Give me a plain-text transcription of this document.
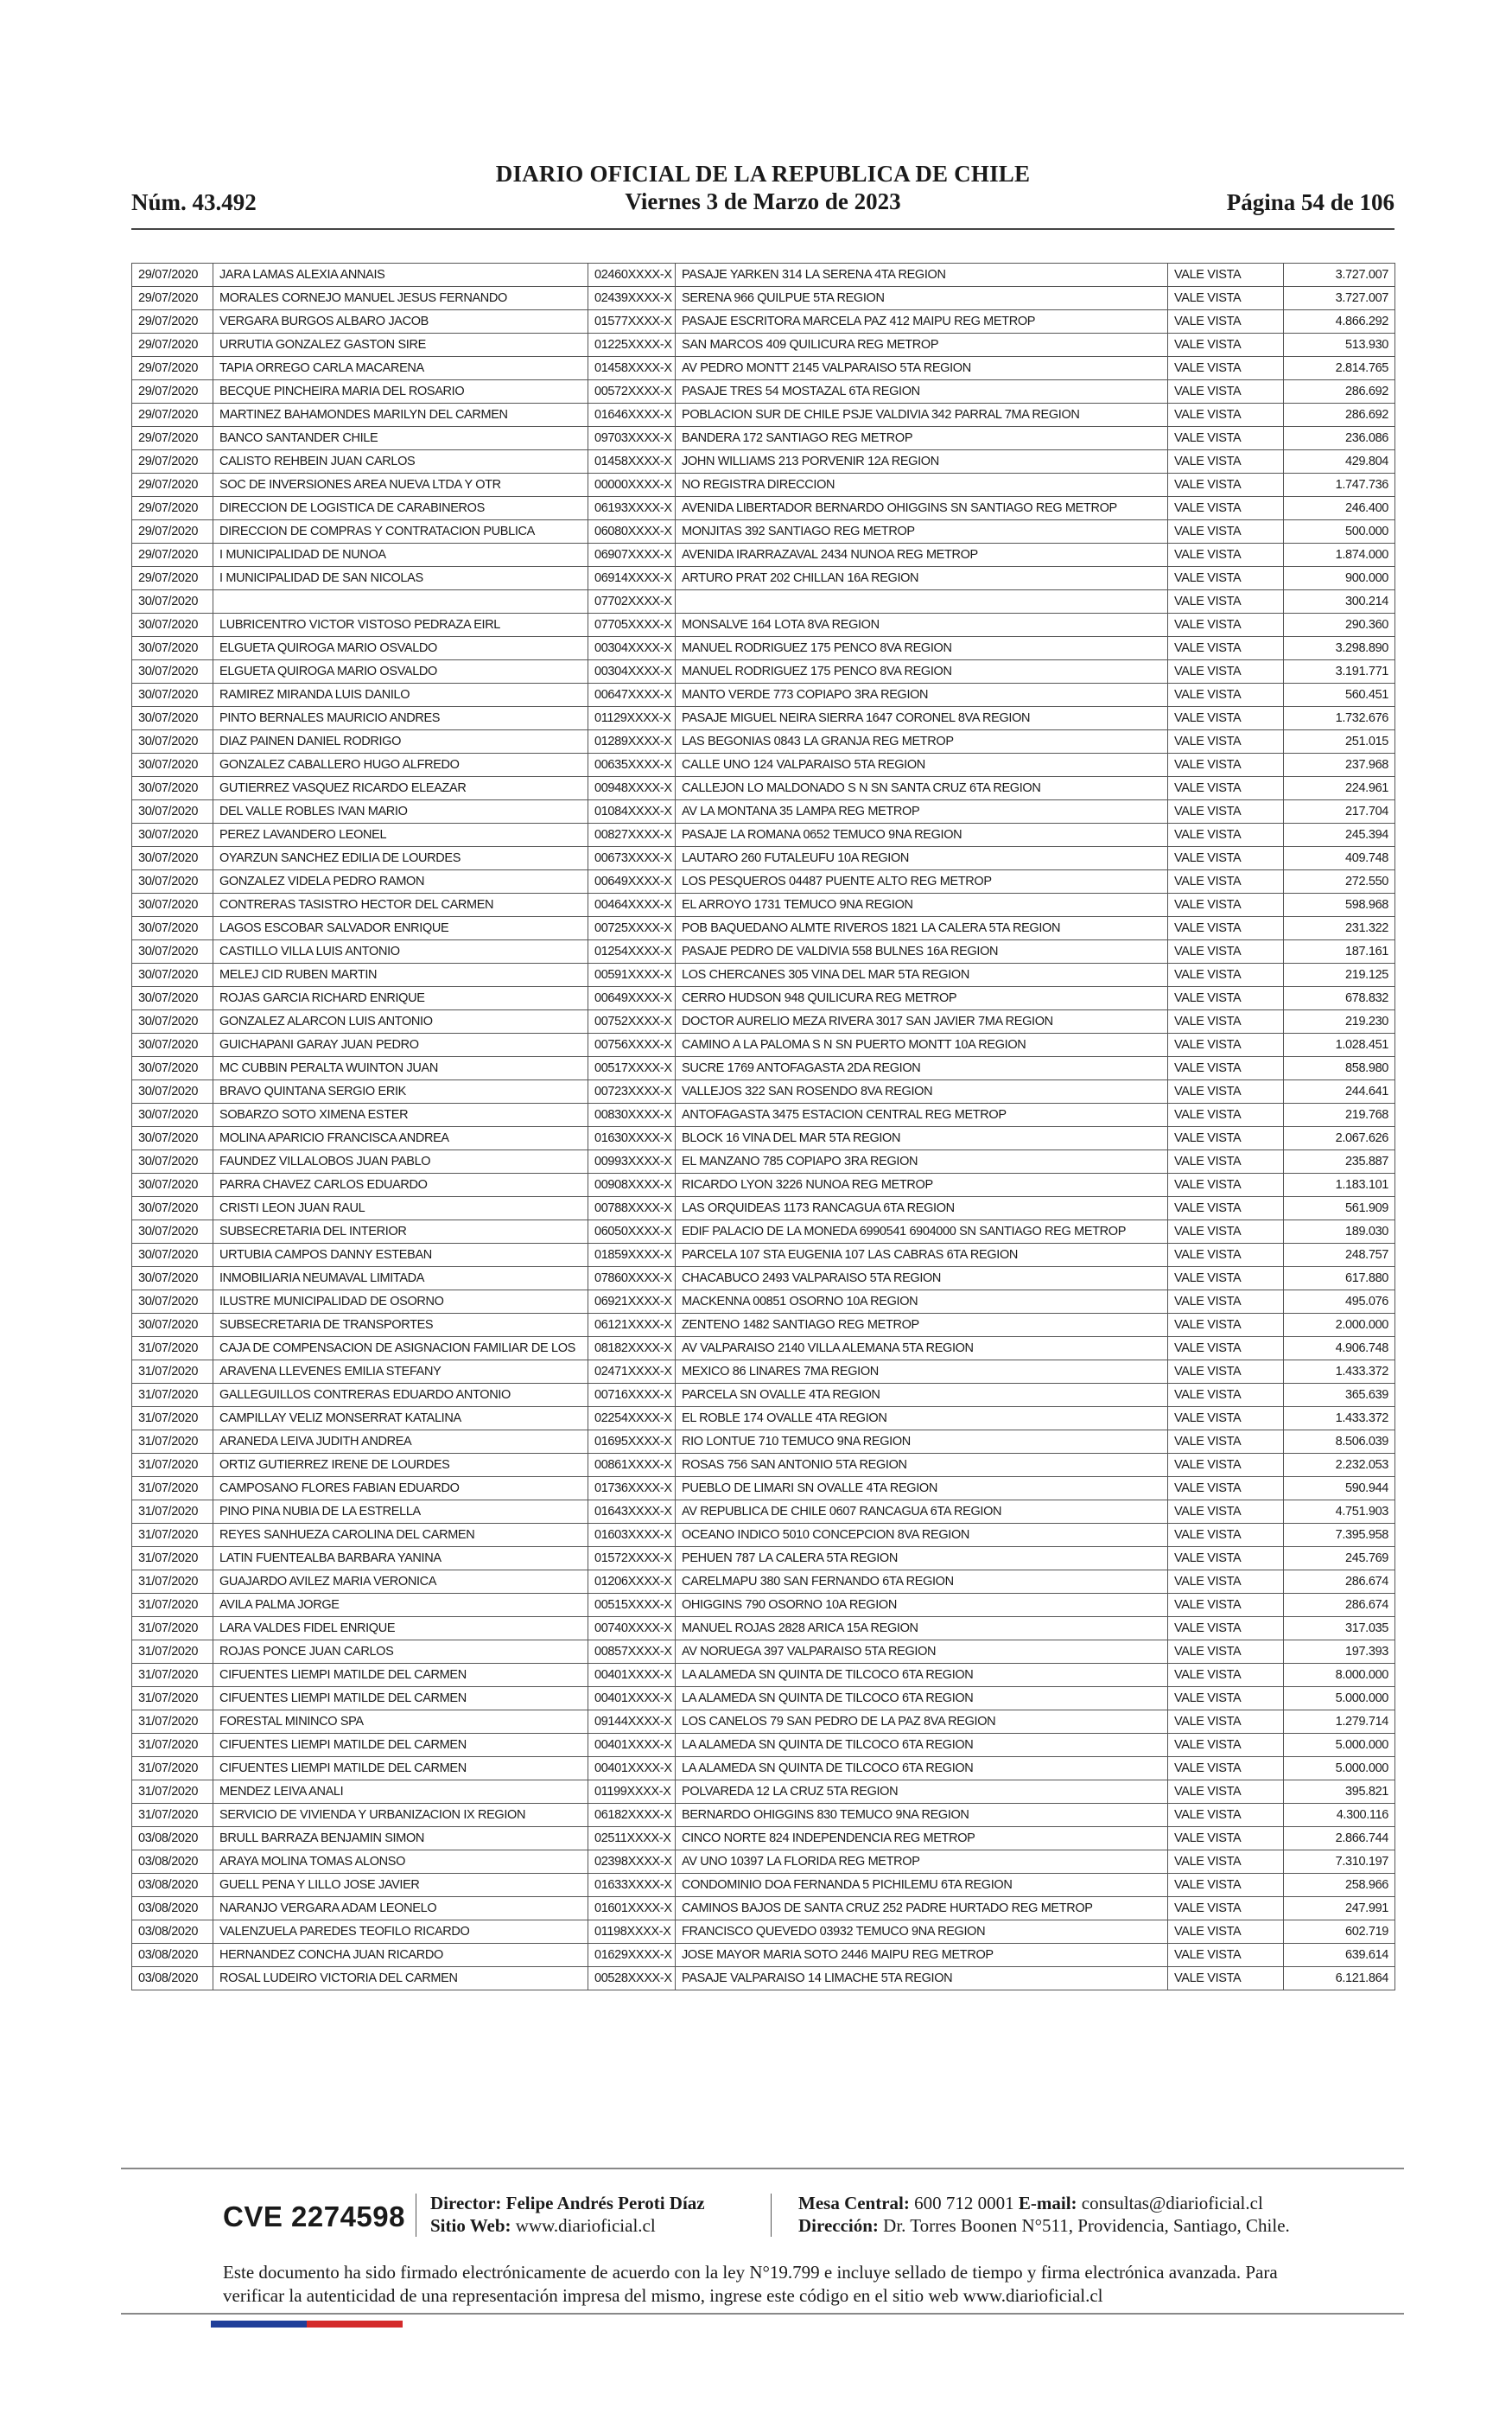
Núm. 43.492
DIARIO OFICIAL DE LA REPUBLICA DE CHILE
Viernes 3 de Marzo de 2023	Página 54 de 106
29/07/2020	JARA LAMAS ALEXIA ANNAIS	02460XXXX-X	PASAJE YARKEN 314 LA SERENA 4TA REGION	VALE VISTA	3.727.007
29/07/2020	MORALES CORNEJO MANUEL JESUS FERNANDO	02439XXXX-X	SERENA 966 QUILPUE 5TA REGION	VALE VISTA	3.727.007
29/07/2020	VERGARA BURGOS ALBARO JACOB	01577XXXX-X	PASAJE ESCRITORA MARCELA PAZ 412 MAIPU REG METROP	VALE VISTA	4.866.292
29/07/2020	URRUTIA GONZALEZ GASTON SIRE	01225XXXX-X	SAN MARCOS 409 QUILICURA REG METROP	VALE VISTA	513.930
29/07/2020	TAPIA ORREGO CARLA MACARENA	01458XXXX-X	AV PEDRO MONTT 2145 VALPARAISO 5TA REGION	VALE VISTA	2.814.765
29/07/2020	BECQUE PINCHEIRA MARIA DEL ROSARIO	00572XXXX-X	PASAJE TRES 54 MOSTAZAL 6TA REGION	VALE VISTA	286.692
29/07/2020	MARTINEZ BAHAMONDES MARILYN DEL CARMEN	01646XXXX-X	POBLACION SUR DE CHILE PSJE VALDIVIA 342 PARRAL 7MA REGION	VALE VISTA	286.692
29/07/2020	BANCO SANTANDER CHILE	09703XXXX-X	BANDERA 172 SANTIAGO REG METROP	VALE VISTA	236.086
29/07/2020	CALISTO REHBEIN JUAN CARLOS	01458XXXX-X	JOHN WILLIAMS 213 PORVENIR 12A REGION	VALE VISTA	429.804
29/07/2020	SOC DE INVERSIONES AREA NUEVA LTDA Y OTR	00000XXXX-X	NO REGISTRA DIRECCION	VALE VISTA	1.747.736
29/07/2020	DIRECCION DE LOGISTICA DE CARABINEROS	06193XXXX-X	AVENIDA LIBERTADOR BERNARDO OHIGGINS SN SANTIAGO REG METROP	VALE VISTA	246.400
29/07/2020	DIRECCION DE COMPRAS Y CONTRATACION PUBLICA	06080XXXX-X	MONJITAS 392 SANTIAGO REG METROP	VALE VISTA	500.000
29/07/2020	I MUNICIPALIDAD DE NUNOA	06907XXXX-X	AVENIDA IRARRAZAVAL 2434 NUNOA REG METROP	VALE VISTA	1.874.000
29/07/2020	I MUNICIPALIDAD DE SAN NICOLAS	06914XXXX-X	ARTURO PRAT 202 CHILLAN 16A REGION	VALE VISTA	900.000
30/07/2020		07702XXXX-X		VALE VISTA	300.214
30/07/2020	LUBRICENTRO VICTOR VISTOSO PEDRAZA EIRL	07705XXXX-X	MONSALVE 164 LOTA 8VA REGION	VALE VISTA	290.360
30/07/2020	ELGUETA QUIROGA MARIO OSVALDO	00304XXXX-X	MANUEL RODRIGUEZ 175 PENCO 8VA REGION	VALE VISTA	3.298.890
30/07/2020	ELGUETA QUIROGA MARIO OSVALDO	00304XXXX-X	MANUEL RODRIGUEZ 175 PENCO 8VA REGION	VALE VISTA	3.191.771
30/07/2020	RAMIREZ MIRANDA LUIS DANILO	00647XXXX-X	MANTO VERDE 773 COPIAPO 3RA REGION	VALE VISTA	560.451
30/07/2020	PINTO BERNALES MAURICIO ANDRES	01129XXXX-X	PASAJE MIGUEL NEIRA SIERRA 1647 CORONEL 8VA REGION	VALE VISTA	1.732.676
30/07/2020	DIAZ PAINEN DANIEL RODRIGO	01289XXXX-X	LAS BEGONIAS 0843 LA GRANJA REG METROP	VALE VISTA	251.015
30/07/2020	GONZALEZ CABALLERO HUGO ALFREDO	00635XXXX-X	CALLE UNO 124 VALPARAISO 5TA REGION	VALE VISTA	237.968
30/07/2020	GUTIERREZ VASQUEZ RICARDO ELEAZAR	00948XXXX-X	CALLEJON LO MALDONADO S N SN SANTA CRUZ 6TA REGION	VALE VISTA	224.961
30/07/2020	DEL VALLE ROBLES IVAN MARIO	01084XXXX-X	AV LA MONTANA 35 LAMPA REG METROP	VALE VISTA	217.704
30/07/2020	PEREZ LAVANDERO LEONEL	00827XXXX-X	PASAJE LA ROMANA 0652 TEMUCO 9NA REGION	VALE VISTA	245.394
30/07/2020	OYARZUN SANCHEZ EDILIA DE LOURDES	00673XXXX-X	LAUTARO 260 FUTALEUFU 10A REGION	VALE VISTA	409.748
30/07/2020	GONZALEZ VIDELA PEDRO RAMON	00649XXXX-X	LOS PESQUEROS 04487 PUENTE ALTO REG METROP	VALE VISTA	272.550
30/07/2020	CONTRERAS TASISTRO HECTOR DEL CARMEN	00464XXXX-X	EL ARROYO 1731 TEMUCO 9NA REGION	VALE VISTA	598.968
30/07/2020	LAGOS ESCOBAR SALVADOR ENRIQUE	00725XXXX-X	POB BAQUEDANO ALMTE RIVEROS 1821 LA CALERA 5TA REGION	VALE VISTA	231.322
30/07/2020	CASTILLO VILLA LUIS ANTONIO	01254XXXX-X	PASAJE PEDRO DE VALDIVIA 558 BULNES 16A REGION	VALE VISTA	187.161
30/07/2020	MELEJ CID RUBEN MARTIN	00591XXXX-X	LOS CHERCANES 305 VINA DEL MAR 5TA REGION	VALE VISTA	219.125
30/07/2020	ROJAS GARCIA RICHARD ENRIQUE	00649XXXX-X	CERRO HUDSON 948 QUILICURA REG METROP	VALE VISTA	678.832
30/07/2020	GONZALEZ ALARCON LUIS ANTONIO	00752XXXX-X	DOCTOR AURELIO MEZA RIVERA 3017 SAN JAVIER 7MA REGION	VALE VISTA	219.230
30/07/2020	GUICHAPANI GARAY JUAN PEDRO	00756XXXX-X	CAMINO A LA PALOMA S N SN PUERTO MONTT 10A REGION	VALE VISTA	1.028.451
30/07/2020	MC CUBBIN PERALTA WUINTON JUAN	00517XXXX-X	SUCRE 1769 ANTOFAGASTA 2DA REGION	VALE VISTA	858.980
30/07/2020	BRAVO QUINTANA SERGIO ERIK	00723XXXX-X	VALLEJOS 322 SAN ROSENDO 8VA REGION	VALE VISTA	244.641
30/07/2020	SOBARZO SOTO XIMENA ESTER	00830XXXX-X	ANTOFAGASTA 3475 ESTACION CENTRAL REG METROP	VALE VISTA	219.768
30/07/2020	MOLINA APARICIO FRANCISCA ANDREA	01630XXXX-X	BLOCK 16 VINA DEL MAR 5TA REGION	VALE VISTA	2.067.626
30/07/2020	FAUNDEZ VILLALOBOS JUAN PABLO	00993XXXX-X	EL MANZANO 785 COPIAPO 3RA REGION	VALE VISTA	235.887
30/07/2020	PARRA CHAVEZ CARLOS EDUARDO	00908XXXX-X	RICARDO LYON 3226 NUNOA REG METROP	VALE VISTA	1.183.101
30/07/2020	CRISTI LEON JUAN RAUL	00788XXXX-X	LAS ORQUIDEAS 1173 RANCAGUA 6TA REGION	VALE VISTA	561.909
30/07/2020	SUBSECRETARIA DEL INTERIOR	06050XXXX-X	EDIF PALACIO DE LA MONEDA 6990541 6904000 SN SANTIAGO REG METROP	VALE VISTA	189.030
30/07/2020	URTUBIA CAMPOS DANNY ESTEBAN	01859XXXX-X	PARCELA 107 STA EUGENIA 107 LAS CABRAS 6TA REGION	VALE VISTA	248.757
30/07/2020	INMOBILIARIA NEUMAVAL LIMITADA	07860XXXX-X	CHACABUCO 2493 VALPARAISO 5TA REGION	VALE VISTA	617.880
30/07/2020	ILUSTRE MUNICIPALIDAD DE OSORNO	06921XXXX-X	MACKENNA 00851 OSORNO 10A REGION	VALE VISTA	495.076
30/07/2020	SUBSECRETARIA DE TRANSPORTES	06121XXXX-X	ZENTENO 1482 SANTIAGO REG METROP	VALE VISTA	2.000.000
31/07/2020	CAJA DE COMPENSACION DE ASIGNACION FAMILIAR DE LOS	08182XXXX-X	AV VALPARAISO 2140 VILLA ALEMANA 5TA REGION	VALE VISTA	4.906.748
31/07/2020	ARAVENA LLEVENES EMILIA STEFANY	02471XXXX-X	MEXICO 86 LINARES 7MA REGION	VALE VISTA	1.433.372
31/07/2020	GALLEGUILLOS CONTRERAS EDUARDO ANTONIO	00716XXXX-X	PARCELA SN OVALLE 4TA REGION	VALE VISTA	365.639
31/07/2020	CAMPILLAY VELIZ MONSERRAT KATALINA	02254XXXX-X	EL ROBLE 174 OVALLE 4TA REGION	VALE VISTA	1.433.372
31/07/2020	ARANEDA LEIVA JUDITH ANDREA	01695XXXX-X	RIO LONTUE 710 TEMUCO 9NA REGION	VALE VISTA	8.506.039
31/07/2020	ORTIZ GUTIERREZ IRENE DE LOURDES	00861XXXX-X	ROSAS 756 SAN ANTONIO 5TA REGION	VALE VISTA	2.232.053
31/07/2020	CAMPOSANO FLORES FABIAN EDUARDO	01736XXXX-X	PUEBLO DE LIMARI SN OVALLE 4TA REGION	VALE VISTA	590.944
31/07/2020	PINO PINA NUBIA DE LA ESTRELLA	01643XXXX-X	AV REPUBLICA DE CHILE 0607 RANCAGUA 6TA REGION	VALE VISTA	4.751.903
31/07/2020	REYES SANHUEZA CAROLINA DEL CARMEN	01603XXXX-X	OCEANO INDICO 5010 CONCEPCION 8VA REGION	VALE VISTA	7.395.958
31/07/2020	LATIN FUENTEALBA BARBARA YANINA	01572XXXX-X	PEHUEN 787 LA CALERA 5TA REGION	VALE VISTA	245.769
31/07/2020	GUAJARDO AVILEZ MARIA VERONICA	01206XXXX-X	CARELMAPU 380 SAN FERNANDO 6TA REGION	VALE VISTA	286.674
31/07/2020	AVILA PALMA JORGE	00515XXXX-X	OHIGGINS 790 OSORNO 10A REGION	VALE VISTA	286.674
31/07/2020	LARA VALDES FIDEL ENRIQUE	00740XXXX-X	MANUEL ROJAS 2828 ARICA 15A REGION	VALE VISTA	317.035
31/07/2020	ROJAS PONCE JUAN CARLOS	00857XXXX-X	AV NORUEGA 397 VALPARAISO 5TA REGION	VALE VISTA	197.393
31/07/2020	CIFUENTES LIEMPI MATILDE DEL CARMEN	00401XXXX-X	LA ALAMEDA SN QUINTA DE TILCOCO 6TA REGION	VALE VISTA	8.000.000
31/07/2020	CIFUENTES LIEMPI MATILDE DEL CARMEN	00401XXXX-X	LA ALAMEDA SN QUINTA DE TILCOCO 6TA REGION	VALE VISTA	5.000.000
31/07/2020	FORESTAL MININCO SPA	09144XXXX-X	LOS CANELOS 79 SAN PEDRO DE LA PAZ 8VA REGION	VALE VISTA	1.279.714
31/07/2020	CIFUENTES LIEMPI MATILDE DEL CARMEN	00401XXXX-X	LA ALAMEDA SN QUINTA DE TILCOCO 6TA REGION	VALE VISTA	5.000.000
31/07/2020	CIFUENTES LIEMPI MATILDE DEL CARMEN	00401XXXX-X	LA ALAMEDA SN QUINTA DE TILCOCO 6TA REGION	VALE VISTA	5.000.000
31/07/2020	MENDEZ LEIVA ANALI	01199XXXX-X	POLVAREDA 12 LA CRUZ 5TA REGION	VALE VISTA	395.821
31/07/2020	SERVICIO DE VIVIENDA Y URBANIZACION IX REGION	06182XXXX-X	BERNARDO OHIGGINS 830 TEMUCO 9NA REGION	VALE VISTA	4.300.116
03/08/2020	BRULL BARRAZA BENJAMIN SIMON	02511XXXX-X	CINCO NORTE 824 INDEPENDENCIA REG METROP	VALE VISTA	2.866.744
03/08/2020	ARAYA MOLINA TOMAS ALONSO	02398XXXX-X	AV UNO 10397 LA FLORIDA REG METROP	VALE VISTA	7.310.197
03/08/2020	GUELL PENA Y LILLO JOSE JAVIER	01633XXXX-X	CONDOMINIO DOA FERNANDA 5 PICHILEMU 6TA REGION	VALE VISTA	258.966
03/08/2020	NARANJO VERGARA ADAM LEONELO	01601XXXX-X	CAMINOS BAJOS DE SANTA CRUZ 252 PADRE HURTADO REG METROP	VALE VISTA	247.991
03/08/2020	VALENZUELA PAREDES TEOFILO RICARDO	01198XXXX-X	FRANCISCO QUEVEDO 03932 TEMUCO 9NA REGION	VALE VISTA	602.719
03/08/2020	HERNANDEZ CONCHA JUAN RICARDO	01629XXXX-X	JOSE MAYOR MARIA SOTO 2446 MAIPU REG METROP	VALE VISTA	639.614
03/08/2020	ROSAL LUDEIRO VICTORIA DEL CARMEN	00528XXXX-X	PASAJE VALPARAISO 14 LIMACHE 5TA REGION	VALE VISTA	6.121.864
CVE 2274598 Director: Felipe Andrés Peroti Díaz
Sitio Web: www.diarioficial.cl
Mesa Central: 600 712 0001 E-mail: consultas@diarioficial.cl
Dirección: Dr. Torres Boonen N°511, Providencia, Santiago, Chile.
Este documento ha sido firmado electrónicamente de acuerdo con la ley N°19.799 e incluye sellado de tiempo y firma electrónica avanzada. Para verificar la autenticidad de una representación impresa del mismo, ingrese este código en el sitio web www.diarioficial.cl
